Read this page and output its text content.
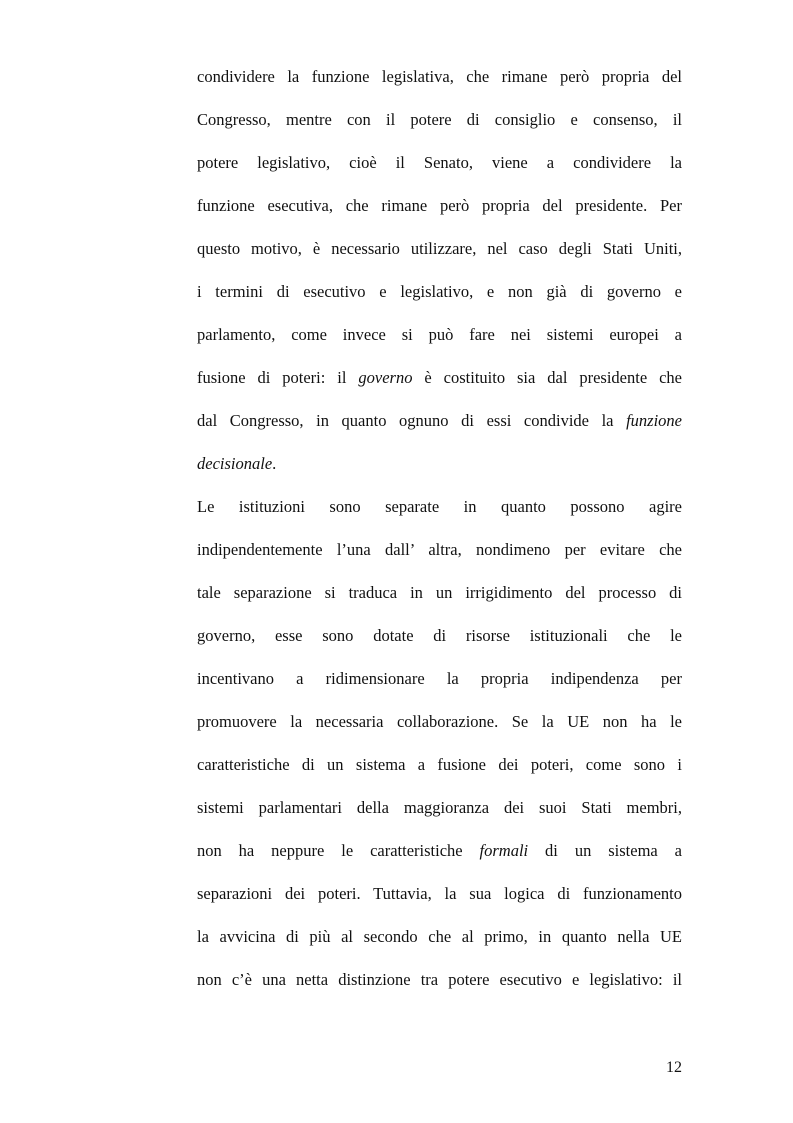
condividere la funzione legislativa, che rimane però propria del
Congresso, mentre con il potere di consiglio e consenso, il
potere legislativo, cioè il Senato, viene a condividere la
funzione esecutiva, che rimane però propria del presidente. Per
questo motivo, è necessario utilizzare, nel caso degli Stati Uniti,
i termini di esecutivo e legislativo, e non già di governo e
parlamento, come invece si può fare nei sistemi europei a
fusione di poteri: il governo è costituito sia dal presidente che
dal Congresso, in quanto ognuno di essi condivide la funzione
decisionale.
Le istituzioni sono separate in quanto possono agire
indipendentemente l’una dall’ altra, nondimeno per evitare che
tale separazione si traduca in un irrigidimento del processo di
governo, esse sono dotate di risorse istituzionali che le
incentivano a ridimensionare la propria indipendenza per
promuovere la necessaria collaborazione. Se la UE non ha le
caratteristiche di un sistema a fusione dei poteri, come sono i
sistemi parlamentari della maggioranza dei suoi Stati membri,
non ha neppure le caratteristiche formali di un sistema a
separazioni dei poteri. Tuttavia, la sua logica di funzionamento
la avvicina di più al secondo che al primo, in quanto nella UE
non c’è una netta distinzione tra potere esecutivo e legislativo: il
12
